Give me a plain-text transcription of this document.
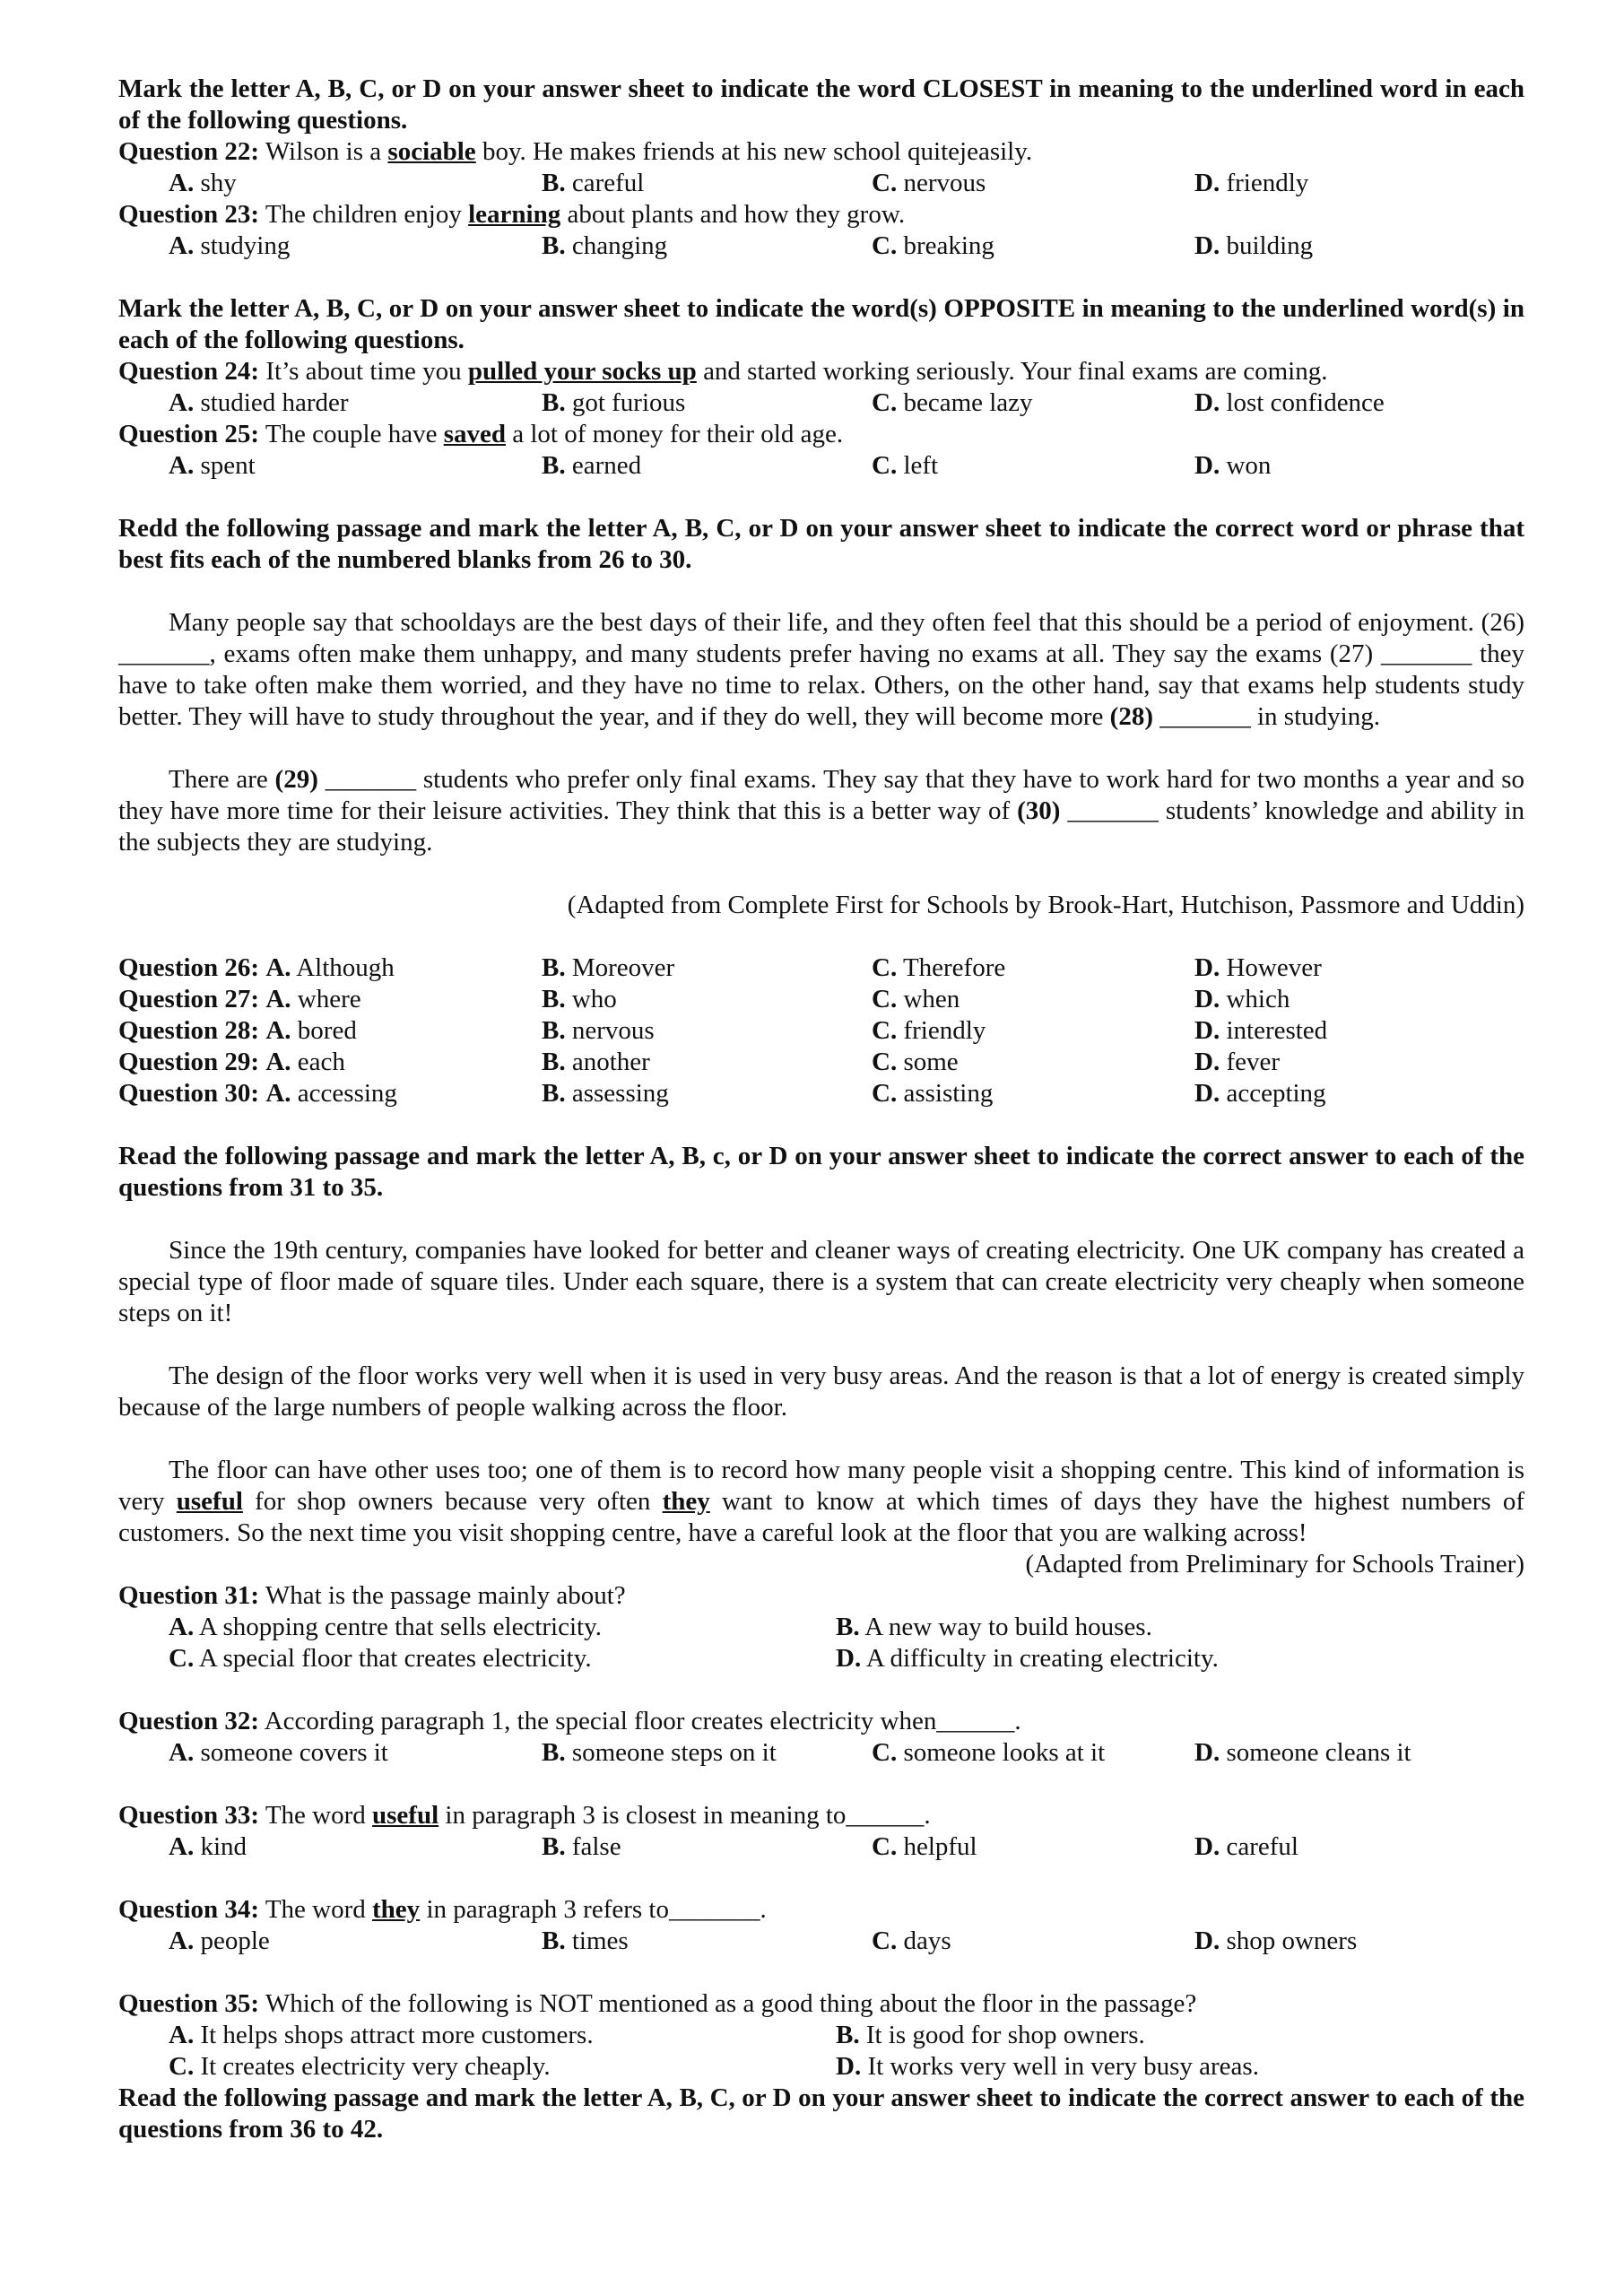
Mark the letter A, B, C, or D on your answer sheet to indicate the word CLOSEST in meaning to the underlined word in each of the following questions.
Question 22: Wilson is a sociable boy. He makes friends at his new school quitejeasily.
A. shy	B. careful	C. nervous	D. friendly
Question 23: The children enjoy learning about plants and how they grow.
A. studying	B. changing	C. breaking	D. building
Mark the letter A, B, C, or D on your answer sheet to indicate the word(s) OPPOSITE in meaning to the underlined word(s) in each of the following questions.
Question 24: It’s about time you pulled your socks up and started working seriously. Your final exams are coming.
A. studied harder	B. got furious	C. became lazy	D. lost confidence
Question 25: The couple have saved a lot of money for their old age.
A. spent	B. earned	C. left	D. won
Redd the following passage and mark the letter A, B, C, or D on your answer sheet to indicate the correct word or phrase that best fits each of the numbered blanks from 26 to 30.
Many people say that schooldays are the best days of their life, and they often feel that this should be a period of enjoyment. (26) _______, exams often make them unhappy, and many students prefer having no exams at all. They say the exams (27) _______ they have to take often make them worried, and they have no time to relax. Others, on the other hand, say that exams help students study better. They will have to study throughout the year, and if they do well, they will become more (28) _______ in studying.
There are (29) _______ students who prefer only final exams. They say that they have to work hard for two months a year and so they have more time for their leisure activities. They think that this is a better way of (30) _______ students’ knowledge and ability in the subjects they are studying.
(Adapted from Complete First for Schools by Brook-Hart, Hutchison, Passmore and Uddin)
Question 26: A. Although	B. Moreover	C. Therefore	D. However
Question 27: A. where	B. who	C. when	D. which
Question 28: A. bored	B. nervous	C. friendly	D. interested
Question 29: A. each	B. another	C. some	D. fever
Question 30: A. accessing	B. assessing	C. assisting	D. accepting
Read the following passage and mark the letter A, B, c, or D on your answer sheet to indicate the correct answer to each of the questions from 31 to 35.
Since the 19th century, companies have looked for better and cleaner ways of creating electricity. One UK company has created a special type of floor made of square tiles. Under each square, there is a system that can create electricity very cheaply when someone steps on it!
The design of the floor works very well when it is used in very busy areas. And the reason is that a lot of energy is created simply because of the large numbers of people walking across the floor.
The floor can have other uses too; one of them is to record how many people visit a shopping centre. This kind of information is very useful for shop owners because very often they want to know at which times of days they have the highest numbers of customers. So the next time you visit shopping centre, have a careful look at the floor that you are walking across!
(Adapted from Preliminary for Schools Trainer)
Question 31: What is the passage mainly about?
A. A shopping centre that sells electricity.	B. A new way to build houses.
C. A special floor that creates electricity.	D. A difficulty in creating electricity.
Question 32: According paragraph 1, the special floor creates electricity when______.
A. someone covers it	B. someone steps on it	C. someone looks at it	D. someone cleans it
Question 33: The word useful in paragraph 3 is closest in meaning to______.
A. kind	B. false	C. helpful	D. careful
Question 34: The word they in paragraph 3 refers to_______.
A. people	B. times	C. days	D. shop owners
Question 35: Which of the following is NOT mentioned as a good thing about the floor in the passage?
A. It helps shops attract more customers.	B. It is good for shop owners.
C. It creates electricity very cheaply.	D. It works very well in very busy areas.
Read the following passage and mark the letter A, B, C, or D on your answer sheet to indicate the correct answer to each of the questions from 36 to 42.
